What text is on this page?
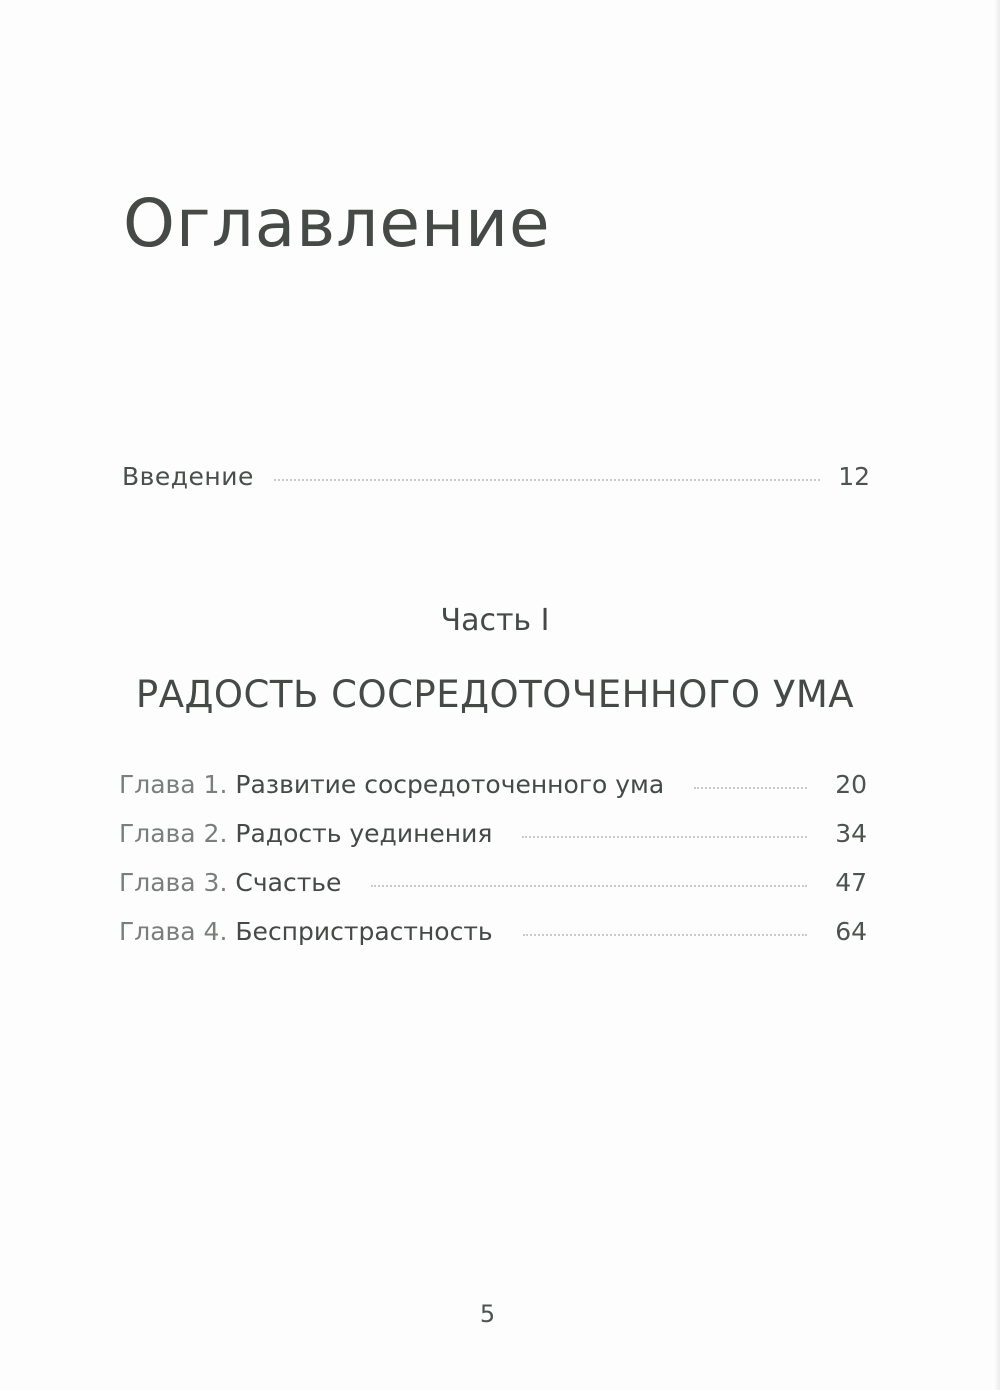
Оглавление
Введение	12
Часть I
РАДОСТЬ СОСРЕДОТОЧЕННОГО УМА
Глава 1. Развитие сосредоточенного ума	20
Глава 2. Радость уединения	34
Глава 3. Счастье	47
Глава 4. Беспристрастность	64
5
